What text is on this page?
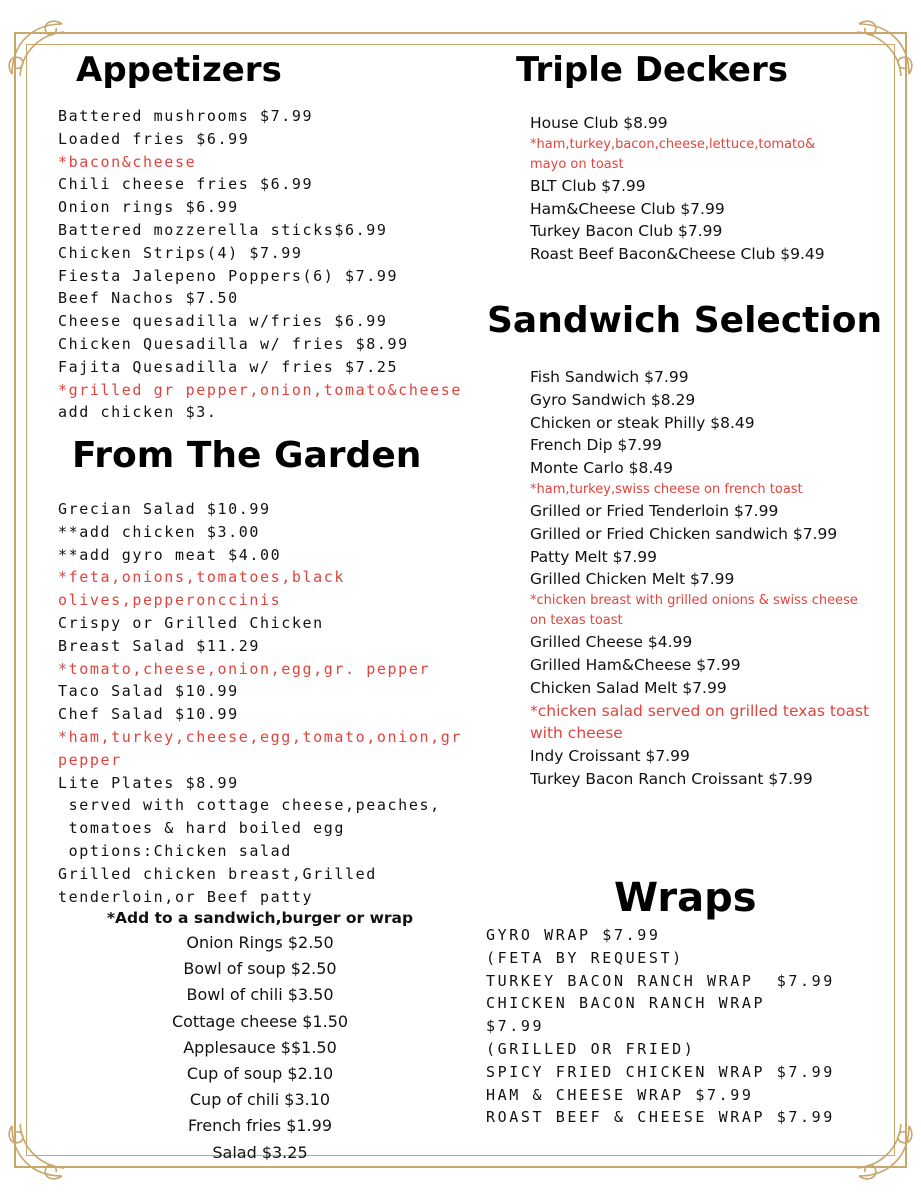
Appetizers
Battered mushrooms $7.99
Loaded fries $6.99
*bacon&cheese
Chili cheese fries $6.99
Onion rings $6.99
Battered mozzerella sticks$6.99
Chicken Strips(4) $7.99
Fiesta Jalepeno Poppers(6) $7.99
Beef Nachos $7.50
Cheese quesadilla w/fries $6.99
Chicken Quesadilla w/ fries $8.99
Fajita Quesadilla w/ fries $7.25
*grilled gr pepper,onion,tomato&cheese
add chicken $3.
From The Garden
Grecian Salad $10.99
**add chicken $3.00
**add gyro meat $4.00
*feta,onions,tomatoes,black
olives,pepperonccinis
Crispy or Grilled Chicken
Breast Salad $11.29
*tomato,cheese,onion,egg,gr. pepper
Taco Salad $10.99
Chef Salad $10.99
*ham,turkey,cheese,egg,tomato,onion,gr
pepper
Lite Plates $8.99
served with cottage cheese,peaches,
tomatoes & hard boiled egg
options:Chicken salad
Grilled chicken breast,Grilled
tenderloin,or Beef patty
*Add to a sandwich,burger or wrap
Onion Rings $2.50
Bowl of soup $2.50
Bowl of chili $3.50
Cottage cheese $1.50
Applesauce $$1.50
Cup of soup $2.10
Cup of chili $3.10
French fries $1.99
Salad $3.25
Triple Deckers
House Club $8.99
*ham,turkey,bacon,cheese,lettuce,tomato&
mayo on toast
BLT Club $7.99
Ham&Cheese Club $7.99
Turkey Bacon Club $7.99
Roast Beef Bacon&Cheese Club $9.49
Sandwich Selection
Fish Sandwich $7.99
Gyro Sandwich $8.29
Chicken or steak Philly $8.49
French Dip $7.99
Monte Carlo $8.49
*ham,turkey,swiss cheese on french toast
Grilled or Fried Tenderloin $7.99
Grilled or Fried Chicken sandwich $7.99
Patty Melt $7.99
Grilled Chicken Melt $7.99
*chicken breast with grilled onions & swiss cheese
on texas toast
Grilled Cheese $4.99
Grilled Ham&Cheese $7.99
Chicken Salad Melt $7.99
*chicken salad served on grilled texas toast
with cheese
Indy Croissant $7.99
Turkey Bacon Ranch Croissant $7.99
Wraps
GYRO WRAP $7.99
(FETA BY REQUEST)
TURKEY BACON RANCH WRAP  $7.99
CHICKEN BACON RANCH WRAP
$7.99
(GRILLED OR FRIED)
SPICY FRIED CHICKEN WRAP $7.99
HAM & CHEESE WRAP $7.99
ROAST BEEF & CHEESE WRAP $7.99
